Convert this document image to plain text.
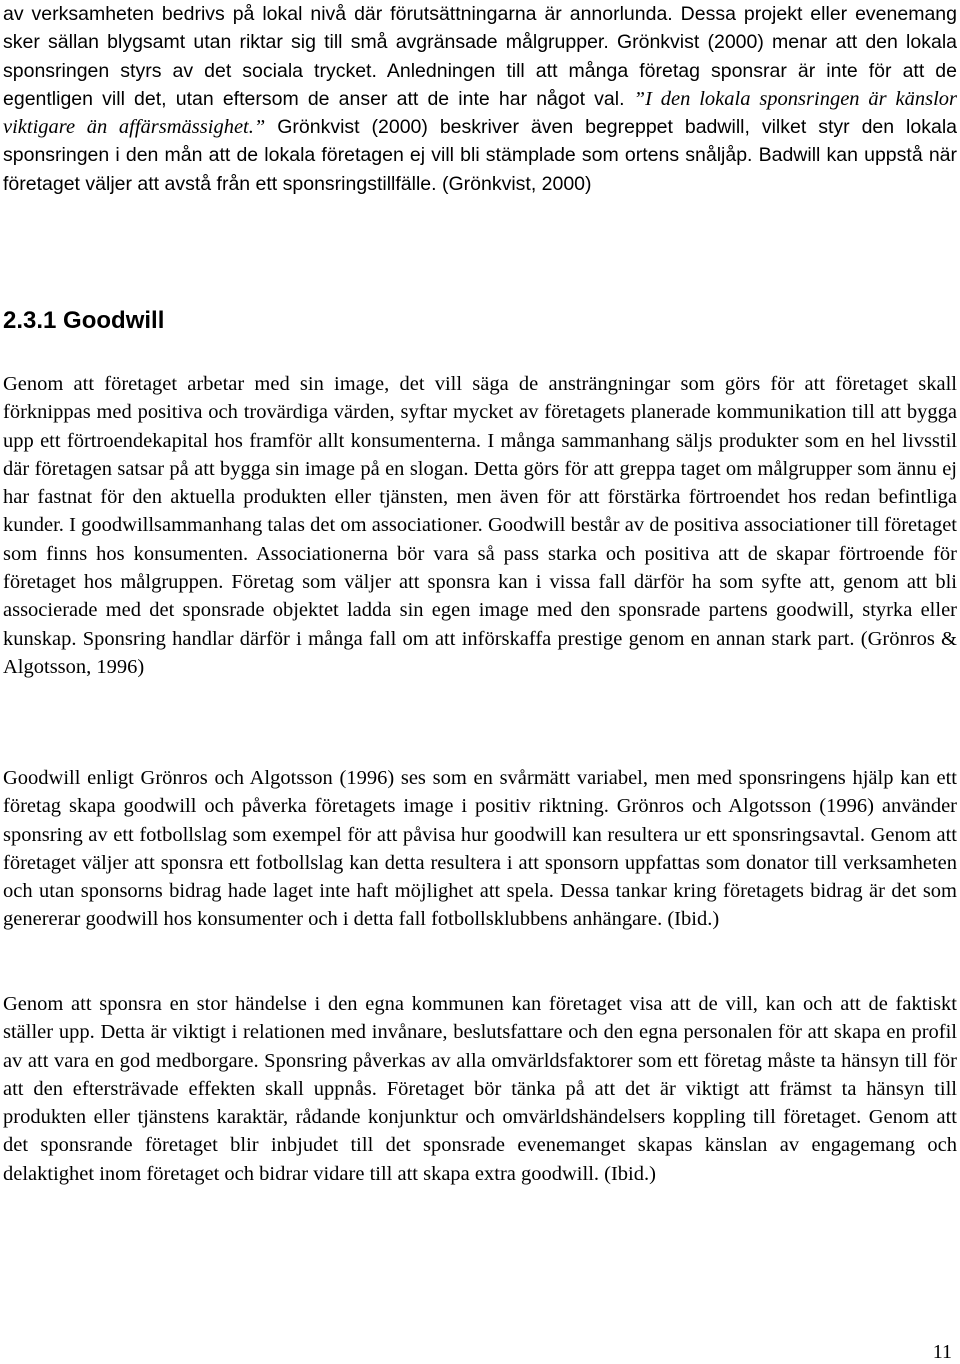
av verksamheten bedrivs på lokal nivå där förutsättningarna är annorlunda. Dessa projekt eller evenemang sker sällan blygsamt utan riktar sig till små avgränsade målgrupper. Grönkvist (2000) menar att den lokala sponsringen styrs av det sociala trycket. Anledningen till att många företag sponsrar är inte för att de egentligen vill det, utan eftersom de anser att de inte har något val. ”I den lokala sponsringen är känslor viktigare än affärsmässighet.” Grönkvist (2000) beskriver även begreppet badwill, vilket styr den lokala sponsringen i den mån att de lokala företagen ej vill bli stämplade som ortens snåljåp. Badwill kan uppstå när företaget väljer att avstå från ett sponsringstillfälle. (Grönkvist, 2000)

2.3.1 Goodwill

Genom att företaget arbetar med sin image, det vill säga de ansträngningar som görs för att företaget skall förknippas med positiva och trovärdiga värden, syftar mycket av företagets planerade kommunikation till att bygga upp ett förtroendekapital hos framför allt konsumenterna. I många sammanhang säljs produkter som en hel livsstil där företagen satsar på att bygga sin image på en slogan. Detta görs för att greppa taget om målgrupper som ännu ej har fastnat för den aktuella produkten eller tjänsten, men även för att förstärka förtroendet hos redan befintliga kunder. I goodwillsammanhang talas det om associationer. Goodwill består av de positiva associationer till företaget som finns hos konsumenten. Associationerna bör vara så pass starka och positiva att de skapar förtroende för företaget hos målgruppen. Företag som väljer att sponsra kan i vissa fall därför ha som syfte att, genom att bli associerade med det sponsrade objektet ladda sin egen image med den sponsrade partens goodwill, styrka eller kunskap. Sponsring handlar därför i många fall om att införskaffa prestige genom en annan stark part. (Grönros & Algotsson, 1996)

Goodwill enligt Grönros och Algotsson (1996) ses som en svårmätt variabel, men med sponsringens hjälp kan ett företag skapa goodwill och påverka företagets image i positiv riktning. Grönros och Algotsson (1996) använder sponsring av ett fotbollslag som exempel för att påvisa hur goodwill kan resultera ur ett sponsringsavtal. Genom att företaget väljer att sponsra ett fotbollslag kan detta resultera i att sponsorn uppfattas som donator till verksamheten och utan sponsorns bidrag hade laget inte haft möjlighet att spela. Dessa tankar kring företagets bidrag är det som genererar goodwill hos konsumenter och i detta fall fotbollsklubbens anhängare. (Ibid.)

Genom att sponsra en stor händelse i den egna kommunen kan företaget visa att de vill, kan och att de faktiskt ställer upp. Detta är viktigt i relationen med invånare, beslutsfattare och den egna personalen för att skapa en profil av att vara en god medborgare. Sponsring påverkas av alla omvärldsfaktorer som ett företag måste ta hänsyn till för att den eftersträvade effekten skall uppnås. Företaget bör tänka på att det är viktigt att främst ta hänsyn till produkten eller tjänstens karaktär, rådande konjunktur och omvärldshändelsers koppling till företaget. Genom att det sponsrande företaget blir inbjudet till det sponsrade evenemanget skapas känslan av engagemang och delaktighet inom företaget och bidrar vidare till att skapa extra goodwill. (Ibid.)

11
